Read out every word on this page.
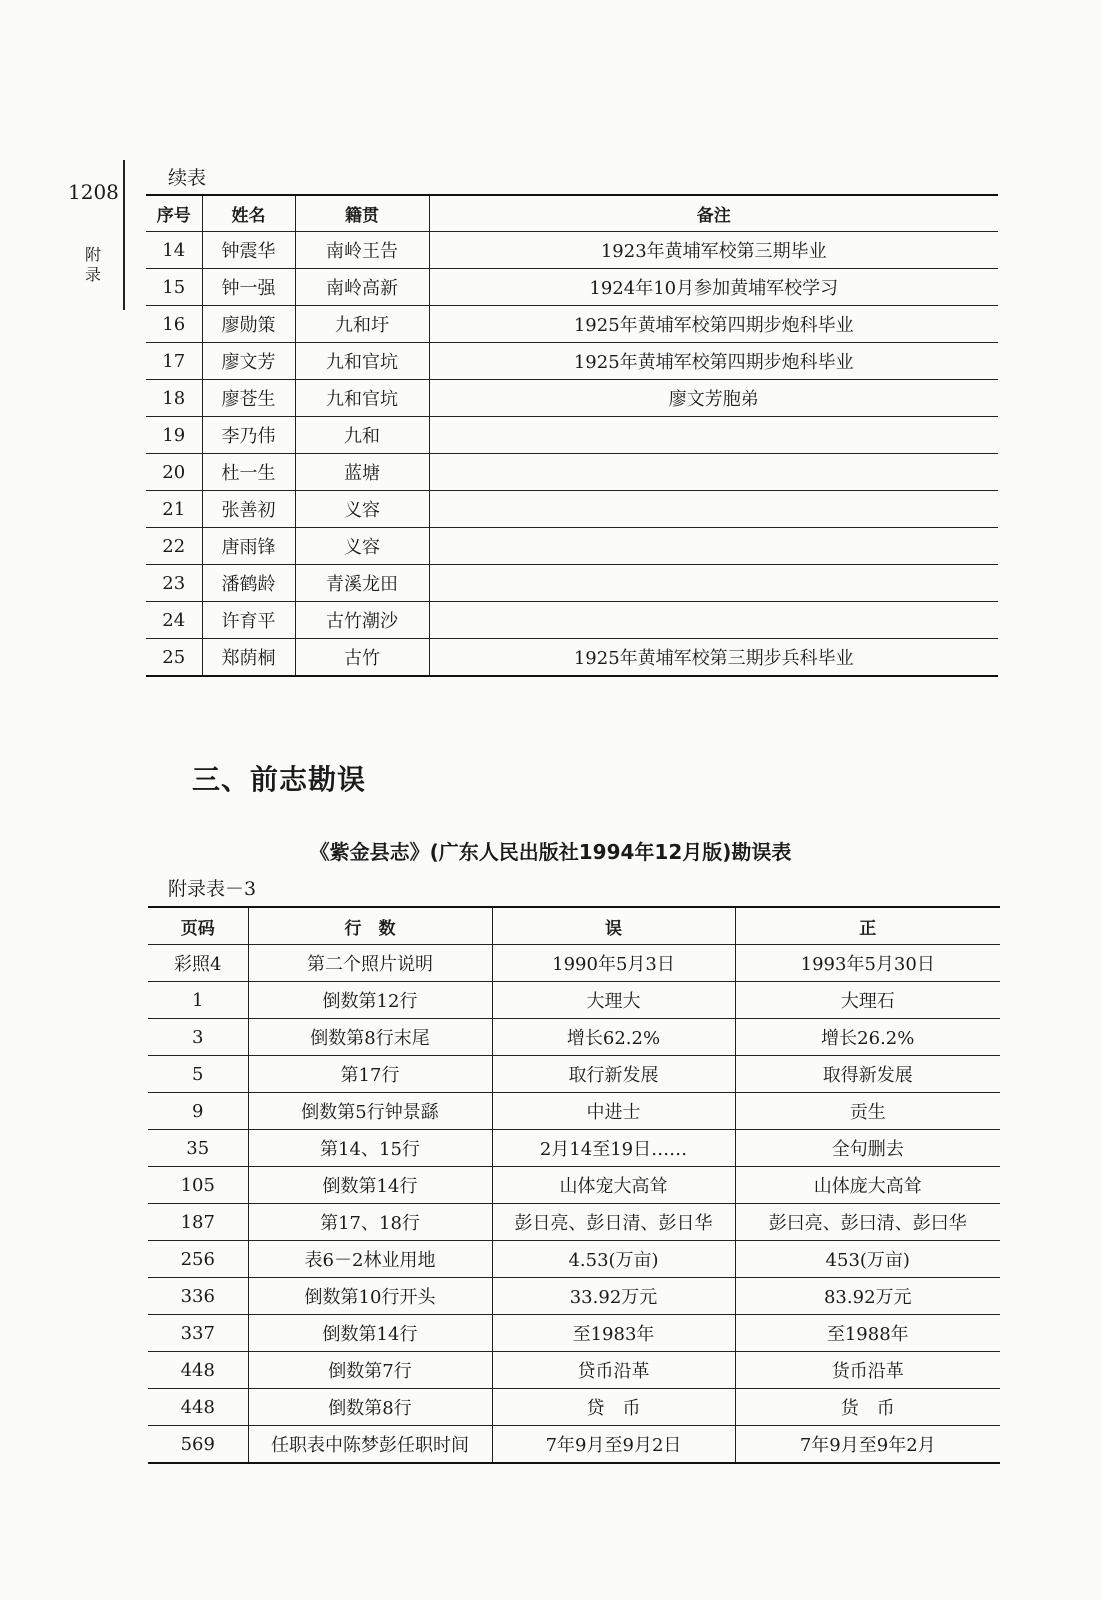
1208
附
录
续表
序号	姓名	籍贯	备注
14	钟震华	南岭王告	1923年黄埔军校第三期毕业
15	钟一强	南岭高新	1924年10月参加黄埔军校学习
16	廖勋策	九和圩	1925年黄埔军校第四期步炮科毕业
17	廖文芳	九和官坑	1925年黄埔军校第四期步炮科毕业
18	廖苍生	九和官坑	廖文芳胞弟
19	李乃伟	九和	
20	杜一生	蓝塘	
21	张善初	义容	
22	唐雨锋	义容	
23	潘鹤龄	青溪龙田	
24	许育平	古竹潮沙	
25	郑荫桐	古竹	1925年黄埔军校第三期步兵科毕业
三、前志勘误
《紫金县志》(广东人民出版社1994年12月版)勘误表
附录表－3
页码	行　数	误	正
彩照4	第二个照片说明	1990年5月3日	1993年5月30日
1	倒数第12行	大理大	大理石
3	倒数第8行末尾	增长62.2%	增长26.2%
5	第17行	取行新发展	取得新发展
9	倒数第5行钟景繇	中进士	贡生
35	第14、15行	2月14至19日……	全句删去
105	倒数第14行	山体宠大高耸	山体庞大高耸
187	第17、18行	彭日亮、彭日清、彭日华	彭曰亮、彭曰清、彭曰华
256	表6－2林业用地	4.53(万亩)	453(万亩)
336	倒数第10行开头	33.92万元	83.92万元
337	倒数第14行	至1983年	至1988年
448	倒数第7行	贷币沿革	货币沿革
448	倒数第8行	贷　币	货　币
569	任职表中陈梦彭任职时间	7年9月至9月2日	7年9月至9年2月
